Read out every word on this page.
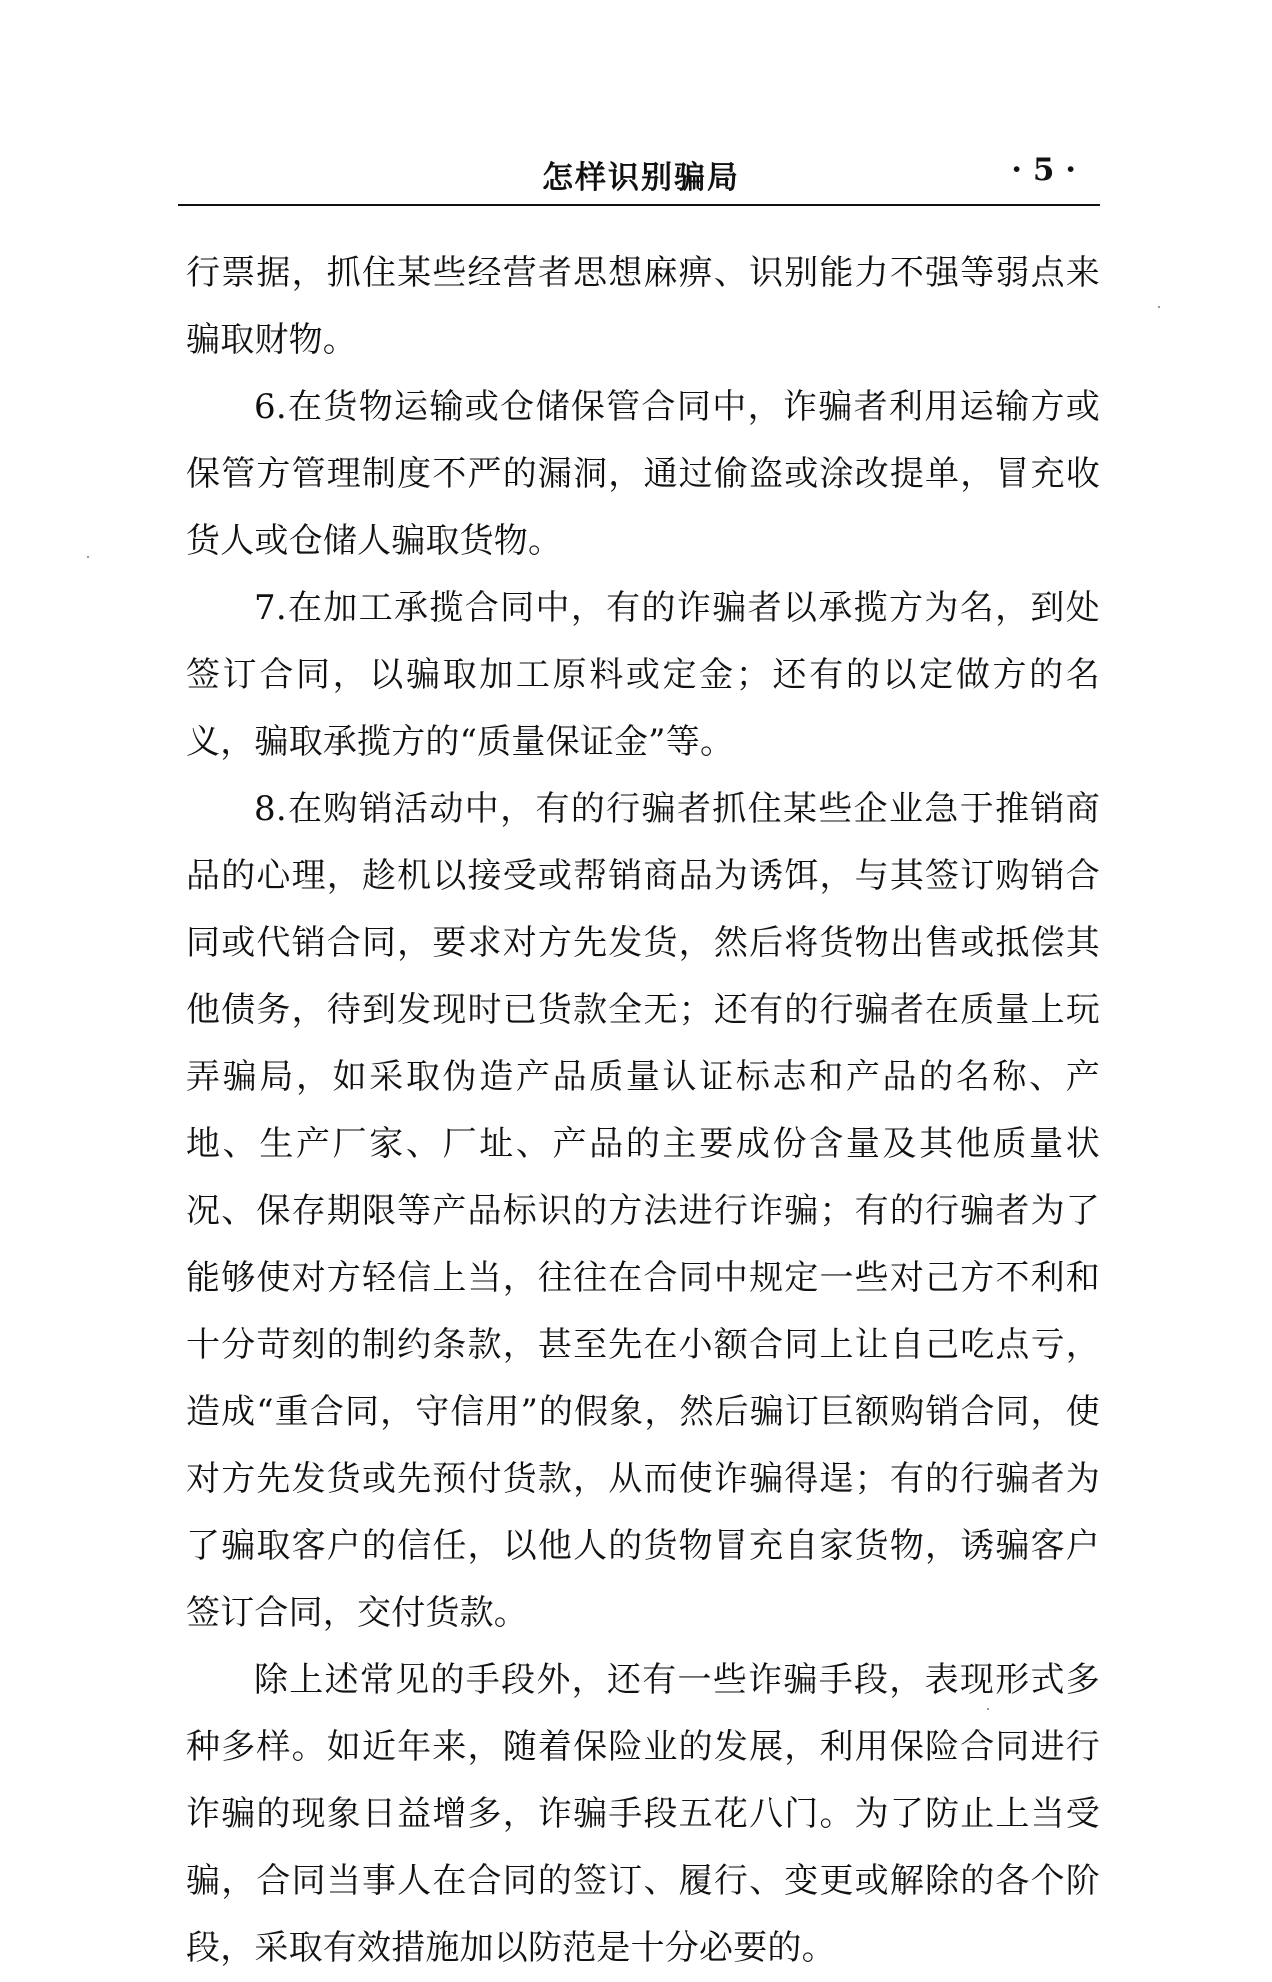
怎样识别骗局	· 5 ·

行票据，抓住某些经营者思想麻痹、识别能力不强等弱点来骗取财物。

6.在货物运输或仓储保管合同中，诈骗者利用运输方或保管方管理制度不严的漏洞，通过偷盗或涂改提单，冒充收货人或仓储人骗取货物。

7.在加工承揽合同中，有的诈骗者以承揽方为名，到处签订合同，以骗取加工原料或定金；还有的以定做方的名义，骗取承揽方的“质量保证金”等。

8.在购销活动中，有的行骗者抓住某些企业急于推销商品的心理，趁机以接受或帮销商品为诱饵，与其签订购销合同或代销合同，要求对方先发货，然后将货物出售或抵偿其他债务，待到发现时已货款全无；还有的行骗者在质量上玩弄骗局，如采取伪造产品质量认证标志和产品的名称、产地、生产厂家、厂址、产品的主要成份含量及其他质量状况、保存期限等产品标识的方法进行诈骗；有的行骗者为了能够使对方轻信上当，往往在合同中规定一些对己方不利和十分苛刻的制约条款，甚至先在小额合同上让自己吃点亏，造成“重合同，守信用”的假象，然后骗订巨额购销合同，使对方先发货或先预付货款，从而使诈骗得逞；有的行骗者为了骗取客户的信任，以他人的货物冒充自家货物，诱骗客户签订合同，交付货款。

除上述常见的手段外，还有一些诈骗手段，表现形式多种多样。如近年来，随着保险业的发展，利用保险合同进行诈骗的现象日益增多，诈骗手段五花八门。为了防止上当受骗，合同当事人在合同的签订、履行、变更或解除的各个阶段，采取有效措施加以防范是十分必要的。
